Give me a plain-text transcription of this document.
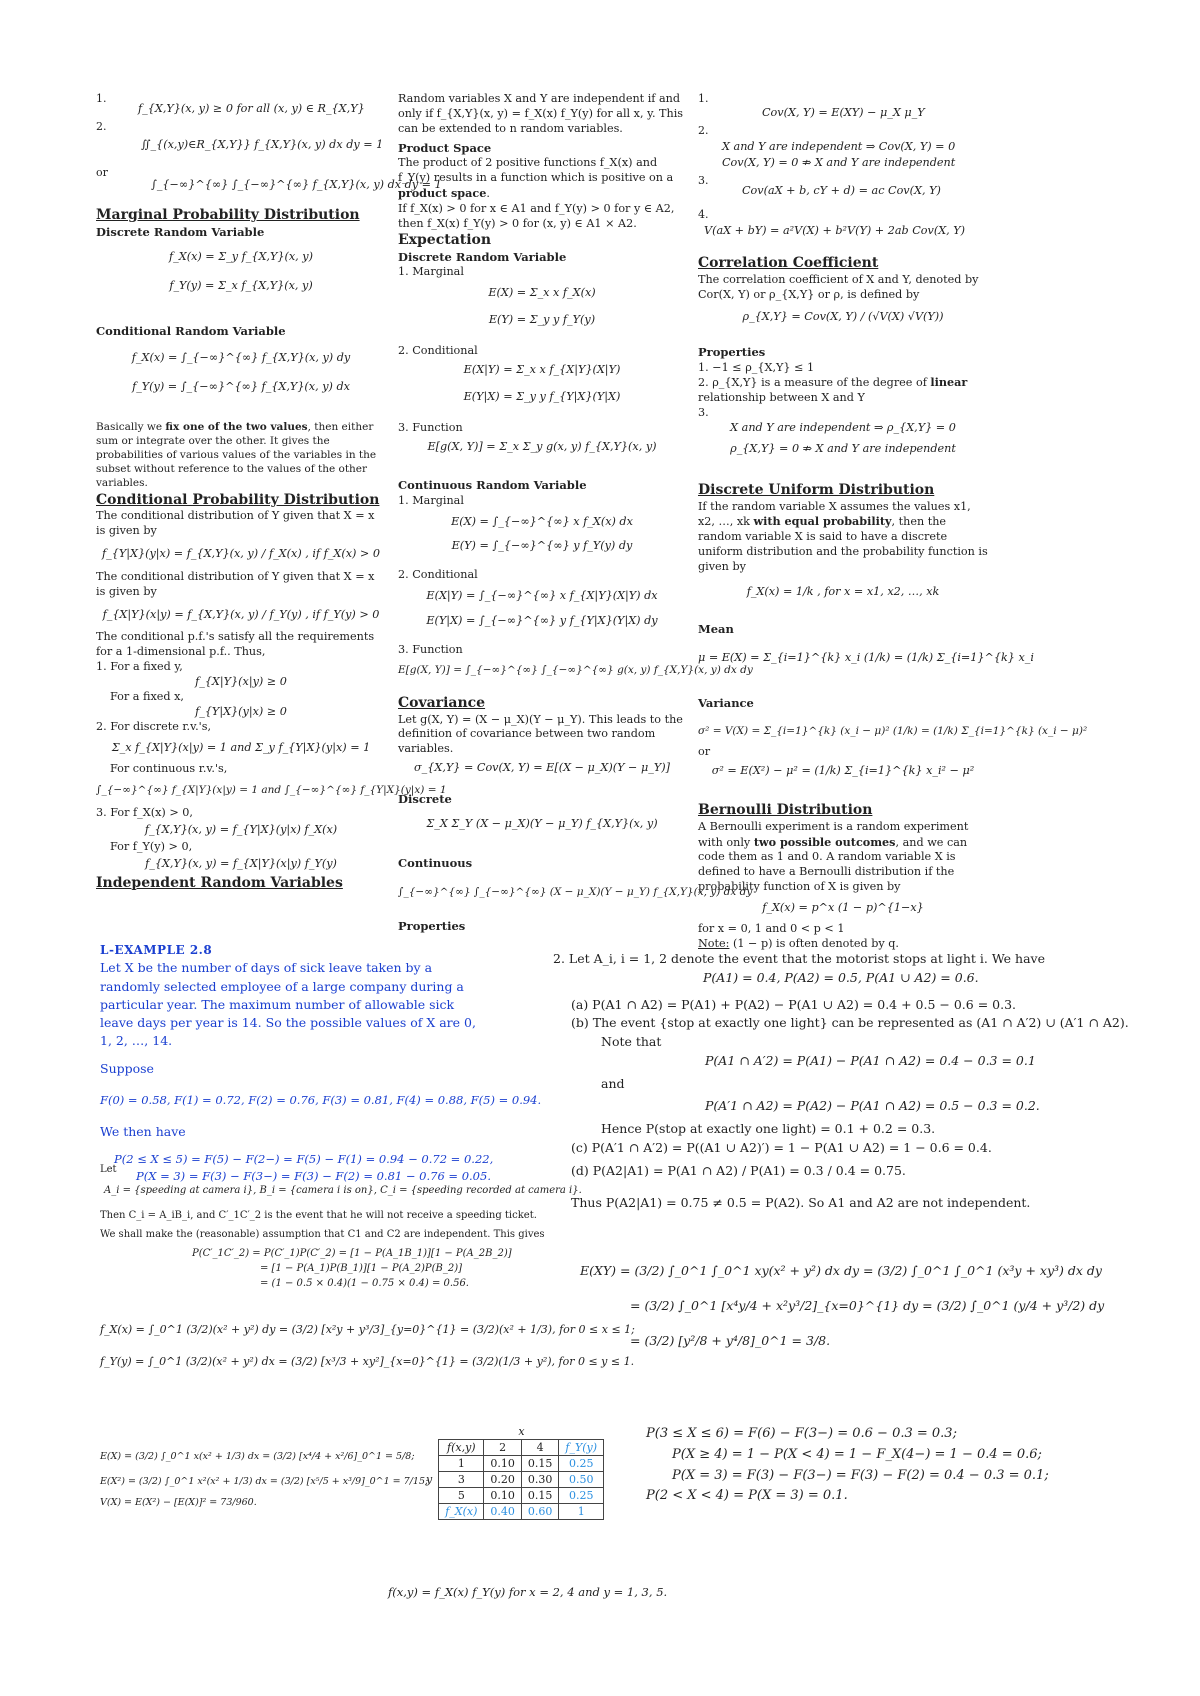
1.
f_{X,Y}(x, y) ≥ 0 for all (x, y) ∈ R_{X,Y}
2.
∬_{(x,y)∈R_{X,Y}} f_{X,Y}(x, y) dx dy = 1
or
∫_{−∞}^{∞} ∫_{−∞}^{∞} f_{X,Y}(x, y) dx dy = 1

Marginal Probability Distribution

Discrete Random Variable

f_X(x) = Σ_y f_{X,Y}(x, y)

f_Y(y) = Σ_x f_{X,Y}(x, y)

Conditional Random Variable

f_X(x) = ∫_{−∞}^{∞} f_{X,Y}(x, y) dy

f_Y(y) = ∫_{−∞}^{∞} f_{X,Y}(x, y) dx

Basically we fix one of the two values, then either sum or integrate over the other. It gives the probabilities of various values of the variables in the subset without reference to the values of the other variables.

Conditional Probability Distribution

The conditional distribution of Y given that X = x is given by

f_{Y|X}(y|x) = f_{X,Y}(x, y) / f_X(x) , if f_X(x) > 0

The conditional distribution of Y given that X = x is given by

f_{X|Y}(x|y) = f_{X,Y}(x, y) / f_Y(y) , if f_Y(y) > 0

The conditional p.f.'s satisfy all the requirements for a 1-dimensional p.f.. Thus,

1. For a fixed y,

f_{X|Y}(x|y) ≥ 0

For a fixed x,

f_{Y|X}(y|x) ≥ 0

2. For discrete r.v.'s,

Σ_x f_{X|Y}(x|y) = 1 and Σ_y f_{Y|X}(y|x) = 1

For continuous r.v.'s,

∫_{−∞}^{∞} f_{X|Y}(x|y) = 1 and ∫_{−∞}^{∞} f_{Y|X}(y|x) = 1

3. For f_X(x) > 0,

f_{X,Y}(x, y) = f_{Y|X}(y|x) f_X(x)

For f_Y(y) > 0,

f_{X,Y}(x, y) = f_{X|Y}(x|y) f_Y(y)

Independent Random Variables

Random variables X and Y are independent if and only if f_{X,Y}(x, y) = f_X(x) f_Y(y) for all x, y. This can be extended to n random variables.

Product Space

The product of 2 positive functions f_X(x) and f_Y(y) results in a function which is positive on a product space.

If f_X(x) > 0 for x ∈ A1 and f_Y(y) > 0 for y ∈ A2, then f_X(x) f_Y(y) > 0 for (x, y) ∈ A1 × A2.

Expectation

Discrete Random Variable

1. Marginal

E(X) = Σ_x x f_X(x)

E(Y) = Σ_y y f_Y(y)

2. Conditional

E(X|Y) = Σ_x x f_{X|Y}(X|Y)

E(Y|X) = Σ_y y f_{Y|X}(Y|X)

3. Function

E[g(X, Y)] = Σ_x Σ_y g(x, y) f_{X,Y}(x, y)

Continuous Random Variable

1. Marginal

E(X) = ∫_{−∞}^{∞} x f_X(x) dx

E(Y) = ∫_{−∞}^{∞} y f_Y(y) dy

2. Conditional

E(X|Y) = ∫_{−∞}^{∞} x f_{X|Y}(X|Y) dx

E(Y|X) = ∫_{−∞}^{∞} y f_{Y|X}(Y|X) dy

3. Function

E[g(X, Y)] = ∫_{−∞}^{∞} ∫_{−∞}^{∞} g(x, y) f_{X,Y}(x, y) dx dy

Covariance

Let g(X, Y) = (X − μ_X)(Y − μ_Y). This leads to the definition of covariance between two random variables.

σ_{X,Y} = Cov(X, Y) = E[(X − μ_X)(Y − μ_Y)]

Discrete

Σ_X Σ_Y (X − μ_X)(Y − μ_Y) f_{X,Y}(x, y)

Continuous

∫_{−∞}^{∞} ∫_{−∞}^{∞} (X − μ_X)(Y − μ_Y) f_{X,Y}(x, y) dx dy

Properties

1.
Cov(X, Y) = E(XY) − μ_X μ_Y
2.
X and Y are independent ⇒ Cov(X, Y) = 0
Cov(X, Y) = 0 ⇏ X and Y are independent
3.
Cov(aX + b, cY + d) = ac Cov(X, Y)
4.
V(aX + bY) = a²V(X) + b²V(Y) + 2ab Cov(X, Y)

Correlation Coefficient

The correlation coefficient of X and Y, denoted by Cor(X, Y) or ρ_{X,Y} or ρ, is defined by

ρ_{X,Y} = Cov(X, Y) / (√V(X) √V(Y))

Properties

1. −1 ≤ ρ_{X,Y} ≤ 1

2. ρ_{X,Y} is a measure of the degree of linear relationship between X and Y

3.

X and Y are independent ⇒ ρ_{X,Y} = 0

ρ_{X,Y} = 0 ⇏ X and Y are independent

Discrete Uniform Distribution

If the random variable X assumes the values x1, x2, …, xk with equal probability, then the random variable X is said to have a discrete uniform distribution and the probability function is given by

f_X(x) = 1/k , for x = x1, x2, …, xk

Mean

μ = E(X) = Σ_{i=1}^{k} x_i (1/k) = (1/k) Σ_{i=1}^{k} x_i

Variance

σ² = V(X) = Σ_{i=1}^{k} (x_i − μ)² (1/k) = (1/k) Σ_{i=1}^{k} (x_i − μ)²

or

σ² = E(X²) − μ² = (1/k) Σ_{i=1}^{k} x_i² − μ²

Bernoulli Distribution

A Bernoulli experiment is a random experiment with only two possible outcomes, and we can code them as 1 and 0. A random variable X is defined to have a Bernoulli distribution if the probability function of X is given by

f_X(x) = p^x (1 − p)^{1−x}

for x = 0, 1 and 0 < p < 1

Note: (1 − p) is often denoted by q.

L-EXAMPLE 2.8

Let X be the number of days of sick leave taken by a randomly selected employee of a large company during a particular year. The maximum number of allowable sick leave days per year is 14. So the possible values of X are 0, 1, 2, …, 14.

Suppose

F(0) = 0.58, F(1) = 0.72, F(2) = 0.76, F(3) = 0.81, F(4) = 0.88, F(5) = 0.94.

We then have

P(2 ≤ X ≤ 5) = F(5) − F(2−) = F(5) − F(1) = 0.94 − 0.72 = 0.22,

P(X = 3) = F(3) − F(3−) = F(3) − F(2) = 0.81 − 0.76 = 0.05.

Let

A_i = {speeding at camera i}, B_i = {camera i is on}, C_i = {speeding recorded at camera i}.

Then C_i = A_iB_i, and C′_1C′_2 is the event that he will not receive a speeding ticket.

We shall make the (reasonable) assumption that C1 and C2 are independent. This gives

P(C′_1C′_2) = P(C′_1)P(C′_2) = [1 − P(A_1B_1)][1 − P(A_2B_2)]

= [1 − P(A_1)P(B_1)][1 − P(A_2)P(B_2)]

= (1 − 0.5 × 0.4)(1 − 0.75 × 0.4) = 0.56.

f_X(x) = ∫_0^1 (3/2)(x² + y²) dy = (3/2) [x²y + y³/3]_{y=0}^{1} = (3/2)(x² + 1/3), for 0 ≤ x ≤ 1;

f_Y(y) = ∫_0^1 (3/2)(x² + y²) dx = (3/2) [x³/3 + xy²]_{x=0}^{1} = (3/2)(1/3 + y²), for 0 ≤ y ≤ 1.

E(X) = (3/2) ∫_0^1 x(x² + 1/3) dx = (3/2) [x⁴/4 + x²/6]_0^1 = 5/8;

E(X²) = (3/2) ∫_0^1 x²(x² + 1/3) dx = (3/2) [x⁵/5 + x³/9]_0^1 = 7/15;

V(X) = E(X²) − [E(X)]² = 73/960.

		x		
	f(x,y)	2	4	f_Y(y)
y	1	0.10	0.15	0.25
	3	0.20	0.30	0.50
	5	0.10	0.15	0.25
	f_X(x)	0.40	0.60	1
f(x,y) = f_X(x) f_Y(y) for x = 2, 4 and y = 1, 3, 5.

2. Let A_i, i = 1, 2 denote the event that the motorist stops at light i. We have

P(A1) = 0.4, P(A2) = 0.5, P(A1 ∪ A2) = 0.6.

(a) P(A1 ∩ A2) = P(A1) + P(A2) − P(A1 ∪ A2) = 0.4 + 0.5 − 0.6 = 0.3.

(b) The event {stop at exactly one light} can be represented as (A1 ∩ A′2) ∪ (A′1 ∩ A2).

Note that

P(A1 ∩ A′2) = P(A1) − P(A1 ∩ A2) = 0.4 − 0.3 = 0.1

and

P(A′1 ∩ A2) = P(A2) − P(A1 ∩ A2) = 0.5 − 0.3 = 0.2.

Hence P(stop at exactly one light) = 0.1 + 0.2 = 0.3.

(c) P(A′1 ∩ A′2) = P((A1 ∪ A2)′) = 1 − P(A1 ∪ A2) = 1 − 0.6 = 0.4.

(d) P(A2|A1) = P(A1 ∩ A2) / P(A1) = 0.3 / 0.4 = 0.75.

Thus P(A2|A1) = 0.75 ≠ 0.5 = P(A2). So A1 and A2 are not independent.

E(XY) = (3/2) ∫_0^1 ∫_0^1 xy(x² + y²) dx dy = (3/2) ∫_0^1 ∫_0^1 (x³y + xy³) dx dy

= (3/2) ∫_0^1 [x⁴y/4 + x²y³/2]_{x=0}^{1} dy = (3/2) ∫_0^1 (y/4 + y³/2) dy

= (3/2) [y²/8 + y⁴/8]_0^1 = 3/8.

P(3 ≤ X ≤ 6) = F(6) − F(3−) = 0.6 − 0.3 = 0.3;

P(X ≥ 4) = 1 − P(X < 4) = 1 − F_X(4−) = 1 − 0.4 = 0.6;

P(X = 3) = F(3) − F(3−) = F(3) − F(2) = 0.4 − 0.3 = 0.1;

P(2 < X < 4) = P(X = 3) = 0.1.
